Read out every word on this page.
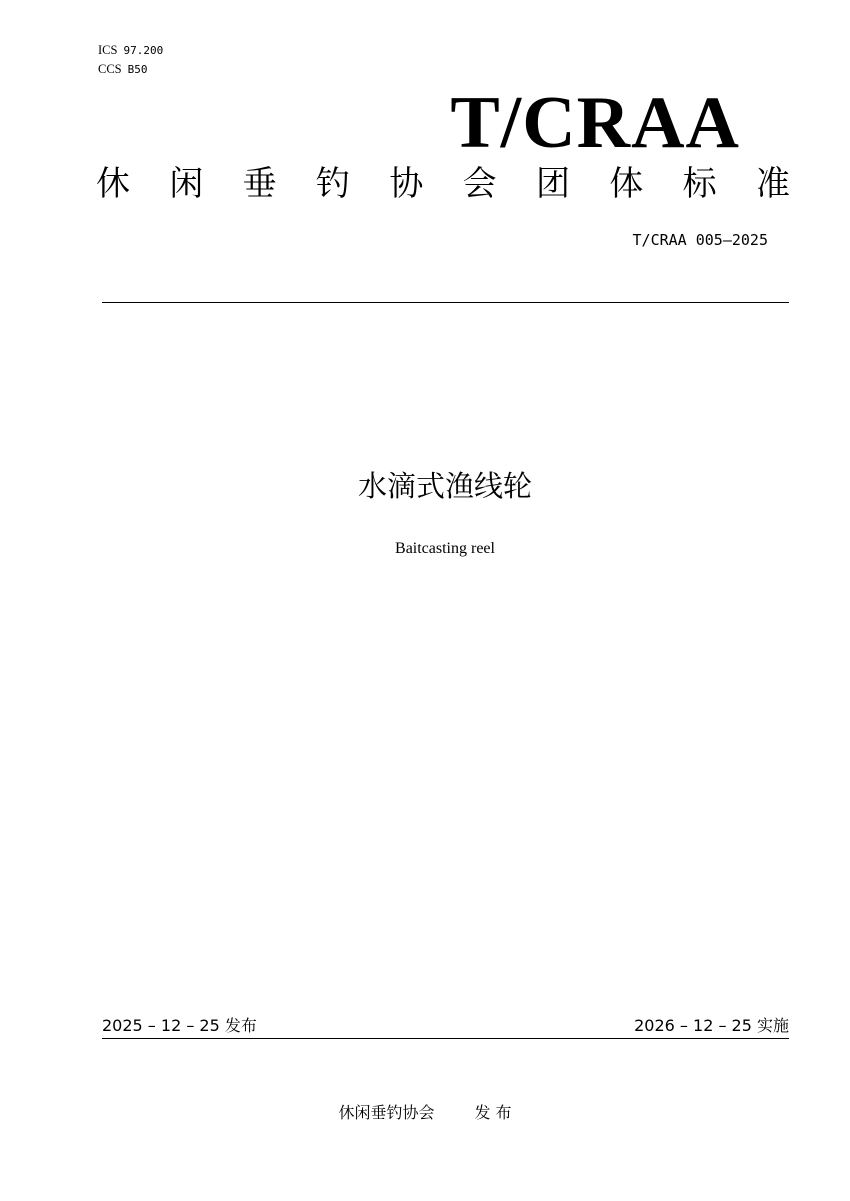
ICS 97.200
CCS B50
T/CRAA
休 闲 垂 钓 协 会 团 体 标 准
T/CRAA 005—2025
水滴式渔线轮
Baitcasting reel
2025 – 12 – 25 发布	2026 – 12 – 25 实施
休闲垂钓协会	发 布
